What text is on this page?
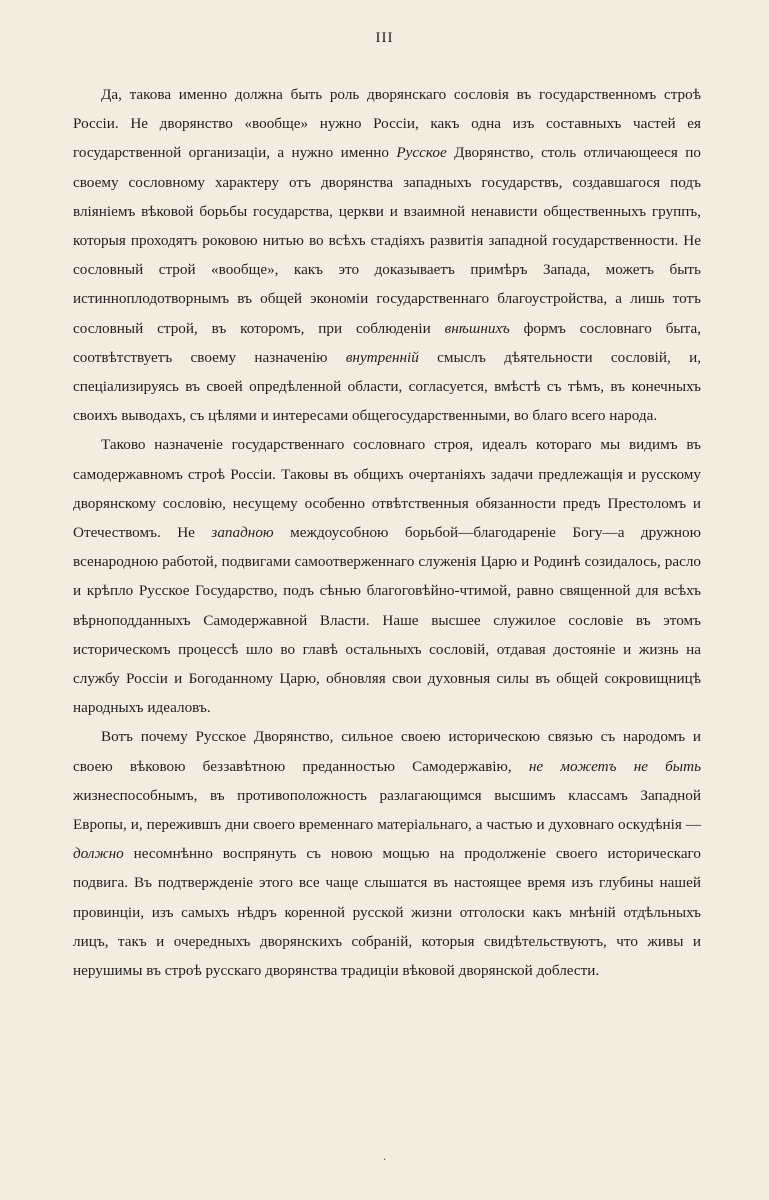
III

Да, такова именно должна быть роль дворянскаго сословія въ государственномъ строѣ Россіи. Не дворянство «вообще» нужно Россіи, какъ одна изъ составныхъ частей ея государственной организаціи, а нужно именно Русское Дворянство, столь отличающееся по своему сословному характеру отъ дворянства западныхъ государствъ, создавшагося подъ вліяніемъ вѣковой борьбы государства, церкви и взаимной ненависти общественныхъ группъ, которыя проходятъ роковою нитью во всѣхъ стадіяхъ развитія западной государственности. Не сословный строй «вообще», какъ это доказываетъ примѣръ Запада, можетъ быть истинноплодотворнымъ въ общей экономіи государственнаго благоустройства, а лишь тотъ сословный строй, въ которомъ, при соблюденіи внѣшнихъ формъ сословнаго быта, соотвѣтствуетъ своему назначенію внутренній смыслъ дѣятельности сословій, и, спеціализируясь въ своей опредѣленной области, согласуется, вмѣстѣ съ тѣмъ, въ конечныхъ своихъ выводахъ, съ цѣлями и интересами общегосударственными, во благо всего народа.

Таково назначеніе государственнаго сословнаго строя, идеалъ котораго мы видимъ въ самодержавномъ строѣ Россіи. Таковы въ общихъ очертаніяхъ задачи предлежащія и русскому дворянскому сословію, несущему особенно отвѣтственныя обязанности предъ Престоломъ и Отечествомъ. Не западною междоусобною борьбой—благодареніе Богу—а дружною всенародною работой, подвигами самоотверженнаго служенія Царю и Родинѣ созидалось, расло и крѣпло Русское Государство, подъ сѣнью благоговѣйно-чтимой, равно священной для всѣхъ вѣрноподданныхъ Самодержавной Власти. Наше высшее служилое сословіе въ этомъ историческомъ процессѣ шло во главѣ остальныхъ сословій, отдавая достояніе и жизнь на службу Россіи и Богоданному Царю, обновляя свои духовныя силы въ общей сокровищницѣ народныхъ идеаловъ.

Вотъ почему Русское Дворянство, сильное своею историческою связью съ народомъ и своею вѣковою беззавѣтною преданностью Самодержавію, не можетъ не быть жизнеспособнымъ, въ противоположность разлагающимся высшимъ классамъ Западной Европы, и, пережившъ дни своего временнаго матеріальнаго, а частью и духовнаго оскудѣнія — должно несомнѣнно воспрянуть съ новою мощью на продолженіе своего историческаго подвига. Въ подтвержденіе этого все чаще слышатся въ настоящее время изъ глубины нашей провинціи, изъ самыхъ нѣдръ коренной русской жизни отголоски какъ мнѣній отдѣльныхъ лицъ, такъ и очередныхъ дворянскихъ собраній, которыя свидѣтельствуютъ, что живы и нерушимы въ строѣ русскаго дворянства традиціи вѣковой дворянской доблести.

.
